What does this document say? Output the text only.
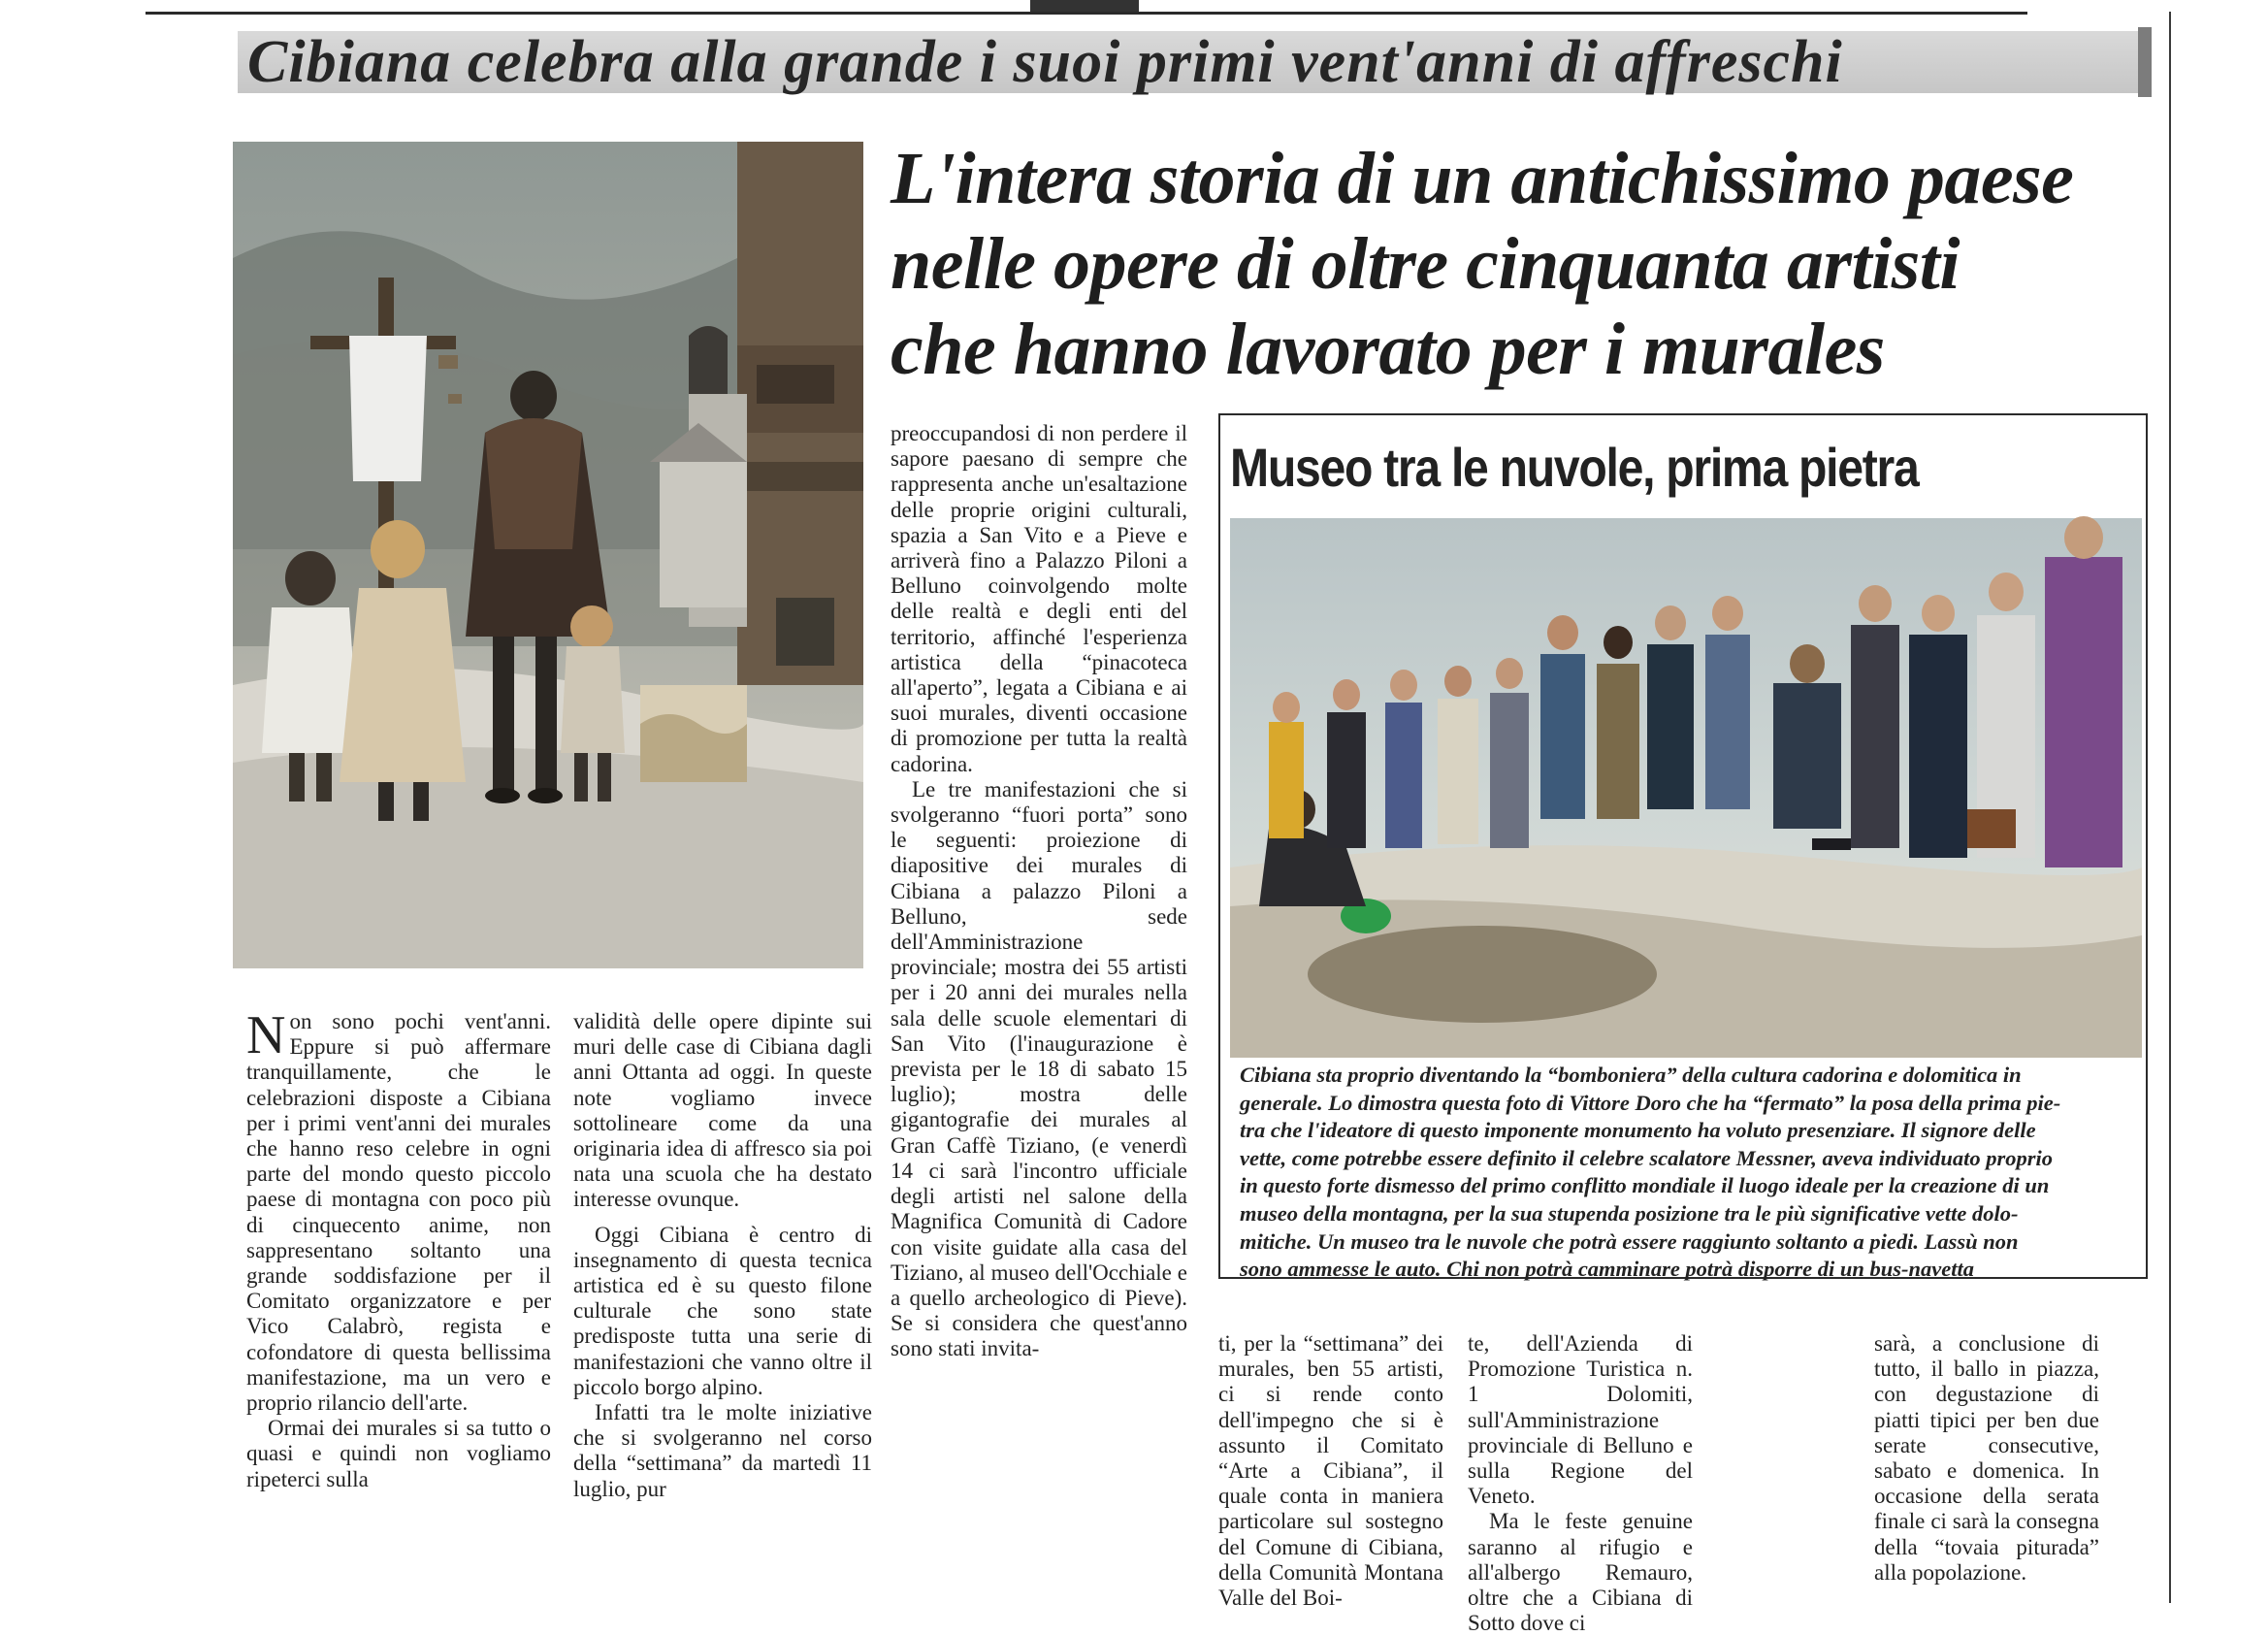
Cibiana celebra alla grande i suoi primi vent'anni di affreschi
L'intera storia di un antichissimo paese
nelle opere di oltre cinquanta artisti
che hanno lavorato per i murales

Non sono pochi vent'anni. Eppure si può affermare tranquillamente, che le celebrazioni disposte a Cibiana per i primi vent'anni dei murales che hanno reso celebre in ogni parte del mondo questo piccolo paese di montagna con poco più di cinquecento anime, non sappresentano soltanto una grande soddisfazione per il Comitato organizzatore e per Vico Calabrò, regista e cofondatore di questa bellissima manifestazione, ma un vero e proprio rilancio dell'arte.

Ormai dei murales si sa tutto o quasi e quindi non vogliamo ripeterci sulla

validità delle opere dipinte sui muri delle case di Cibiana dagli anni Ottanta ad oggi. In queste note vogliamo invece sottolineare come da una originaria idea di affresco sia poi nata una scuola che ha destato interesse ovunque.

Oggi Cibiana è centro di insegnamento di questa tecnica artistica ed è su questo filone culturale che sono state predisposte tutta una serie di manifestazioni che vanno oltre il piccolo borgo alpino.

Infatti tra le molte iniziative che si svolgeranno nel corso della “settimana” da martedì 11 luglio, pur

preoccupandosi di non perdere il sapore paesano di sempre che rappresenta anche un'esaltazione delle proprie origini culturali, spazia a San Vito e a Pieve e arriverà fino a Palazzo Piloni a Belluno coinvolgendo molte delle realtà e degli enti del territorio, affinché l'esperienza artistica della “pinacoteca all'aperto”, legata a Cibiana e ai suoi murales, diventi occasione di promozione per tutta la realtà cadorina.

Le tre manifestazioni che si svolgeranno “fuori porta” sono le seguenti: proiezione di diapositive dei murales di Cibiana a palazzo Piloni a Belluno, sede dell'Amministrazione provinciale; mostra dei 55 artisti per i 20 anni dei murales nella sala delle scuole elementari di San Vito (l'inaugurazione è prevista per le 18 di sabato 15 luglio); mostra delle gigantografie dei murales al Gran Caffè Tiziano, (e venerdì 14 ci sarà l'incontro ufficiale degli artisti nel salone della Magnifica Comunità di Cadore con visite guidate alla casa del Tiziano, al museo dell'Occhiale e a quello archeologico di Pieve). Se si considera che quest'anno sono stati invita-

Museo tra le nuvole, prima pietra
Cibiana sta proprio diventando la “bomboniera” della cultura cadorina e dolomitica in
generale. Lo dimostra questa foto di Vittore Doro che ha “fermato” la posa della prima pie-
tra che l'ideatore di questo imponente monumento ha voluto presenziare. Il signore delle
vette, come potrebbe essere definito il celebre scalatore Messner, aveva individuato proprio
in questo forte dismesso del primo conflitto mondiale il luogo ideale per la creazione di un
museo della montagna, per la sua stupenda posizione tra le più significative vette dolo-
mitiche. Un museo tra le nuvole che potrà essere raggiunto soltanto a piedi. Lassù non
sono ammesse le auto. Chi non potrà camminare potrà disporre di un bus-navetta

ti, per la “settimana” dei murales, ben 55 artisti, ci si rende conto dell'impegno che si è assunto il Comitato “Arte a Cibiana”, il quale conta in maniera particolare sul sostegno del Comune di Cibiana, della Comunità Montana Valle del Boi-

te, dell'Azienda di Promozione Turistica n. 1 Dolomiti, sull'Amministrazione provinciale di Belluno e sulla Regione del Veneto.

Ma le feste genuine saranno al rifugio e all'albergo Remauro, oltre che a Cibiana di Sotto dove ci

sarà, a conclusione di tutto, il ballo in piazza, con degustazione di piatti tipici per ben due serate consecutive, sabato e domenica. In occasione della serata finale ci sarà la consegna della “tovaia piturada” alla popolazione.
